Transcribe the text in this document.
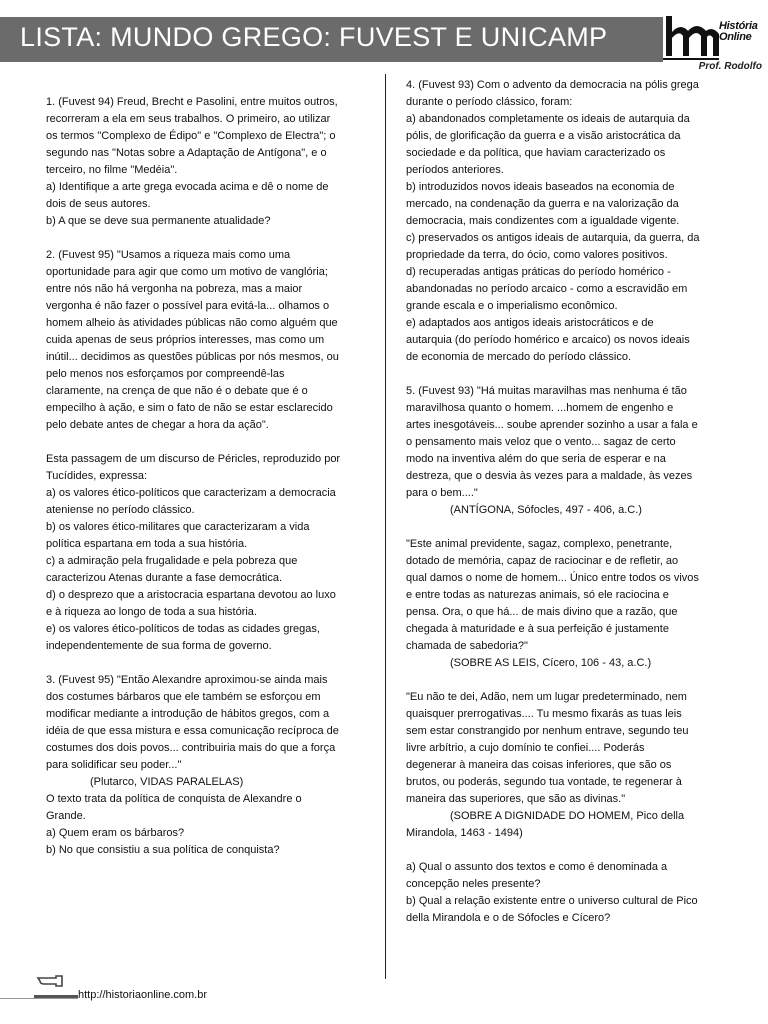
LISTA: MUNDO GREGO: FUVEST E UNICAMP	História
Online
Prof. Rodolfo

1. (Fuvest 94) Freud, Brecht e Pasolini, entre muitos outros,

recorreram a ela em seus trabalhos. O primeiro, ao utilizar

os termos "Complexo de Édipo" e "Complexo de Electra"; o

segundo nas "Notas sobre a Adaptação de Antígona", e o

terceiro, no filme "Medéia".

a) Identifique a arte grega evocada acima e dê o nome de

dois de seus autores.

b) A que se deve sua permanente atualidade?

2. (Fuvest 95) "Usamos a riqueza mais como uma

oportunidade para agir que como um motivo de vanglória;

entre nós não há vergonha na pobreza, mas a maior

vergonha é não fazer o possível para evitá-la... olhamos o

homem alheio às atividades públicas não como alguém que

cuida apenas de seus próprios interesses, mas como um

inútil... decidimos as questões públicas por nós mesmos, ou

pelo menos nos esforçamos por compreendê-las

claramente, na crença de que não é o debate que é o

empecilho à ação, e sim o fato de não se estar esclarecido

pelo debate antes de chegar a hora da ação".

Esta passagem de um discurso de Péricles, reproduzido por

Tucídides, expressa:

a) os valores ético-políticos que caracterizam a democracia

ateniense no período clássico.

b) os valores ético-militares que caracterizaram a vida

política espartana em toda a sua história.

c) a admiração pela frugalidade e pela pobreza que

caracterizou Atenas durante a fase democrática.

d) o desprezo que a aristocracia espartana devotou ao luxo

e à riqueza ao longo de toda a sua história.

e) os valores ético-políticos de todas as cidades gregas,

independentemente de sua forma de governo.

3. (Fuvest 95) "Então Alexandre aproximou-se ainda mais

dos costumes bárbaros que ele também se esforçou em

modificar mediante a introdução de hábitos gregos, com a

idéia de que essa mistura e essa comunicação recíproca de

costumes dos dois povos... contribuiria mais do que a força

para solidificar seu poder..."

(Plutarco, VIDAS PARALELAS)

O texto trata da política de conquista de Alexandre o

Grande.

a) Quem eram os bárbaros?

b) No que consistiu a sua política de conquista?

4. (Fuvest 93) Com o advento da democracia na pólis grega

durante o período clássico, foram:

a) abandonados completamente os ideais de autarquia da

pólis, de glorificação da guerra e a visão aristocrática da

sociedade e da política, que haviam caracterizado os

períodos anteriores.

b) introduzidos novos ideais baseados na economia de

mercado, na condenação da guerra e na valorização da

democracia, mais condizentes com a igualdade vigente.

c) preservados os antigos ideais de autarquia, da guerra, da

propriedade da terra, do ócio, como valores positivos.

d) recuperadas antigas práticas do período homérico -

abandonadas no período arcaico - como a escravidão em

grande escala e o imperialismo econômico.

e) adaptados aos antigos ideais aristocráticos e de

autarquia (do período homérico e arcaico) os novos ideais

de economia de mercado do período clássico.

5. (Fuvest 93) "Há muitas maravilhas mas nenhuma é tão

maravilhosa quanto o homem. ...homem de engenho e

artes inesgotáveis... soube aprender sozinho a usar a fala e

o pensamento mais veloz que o vento... sagaz de certo

modo na inventiva além do que seria de esperar e na

destreza, que o desvia às vezes para a maldade, às vezes

para o bem...."

(ANTÍGONA, Sófocles, 497 - 406, a.C.)

"Este animal previdente, sagaz, complexo, penetrante,

dotado de memória, capaz de raciocinar e de refletir, ao

qual damos o nome de homem... Único entre todos os vivos

e entre todas as naturezas animais, só ele raciocina e

pensa. Ora, o que há... de mais divino que a razão, que

chegada à maturidade e à sua perfeição é justamente

chamada de sabedoria?"

(SOBRE AS LEIS, Cícero, 106 - 43, a.C.)

"Eu não te dei, Adão, nem um lugar predeterminado, nem

quaisquer prerrogativas.... Tu mesmo fixarás as tuas leis

sem estar constrangido por nenhum entrave, segundo teu

livre arbítrio, a cujo domínio te confiei.... Poderás

degenerar à maneira das coisas inferiores, que são os

brutos, ou poderás, segundo tua vontade, te regenerar à

maneira das superiores, que são as divinas."

(SOBRE A DIGNIDADE DO HOMEM, Pico della

Mirandola, 1463 - 1494)

a) Qual o assunto dos textos e como é denominada a

concepção neles presente?

b) Qual a relação existente entre o universo cultural de Pico

della Mirandola e o de Sófocles e Cícero?

http://historiaonline.com.br
